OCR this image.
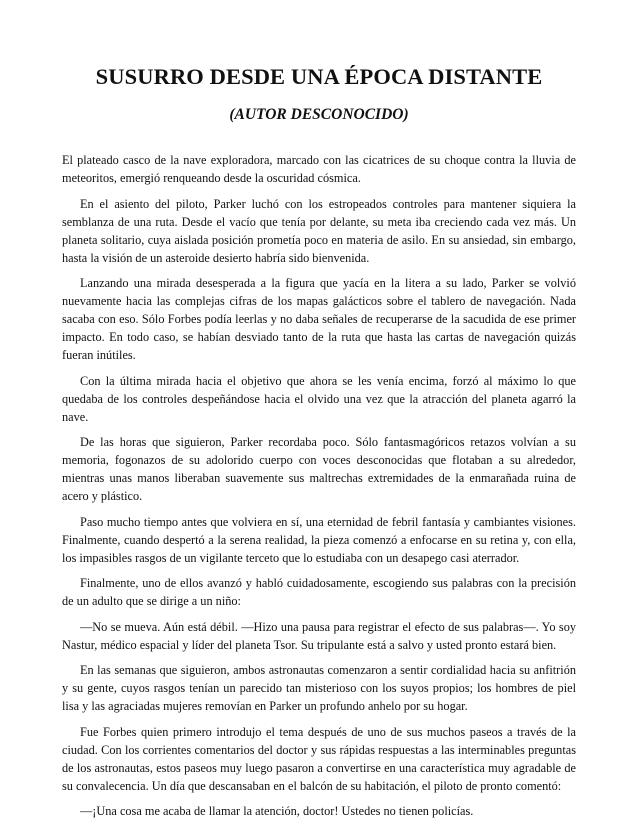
SUSURRO DESDE UNA ÉPOCA DISTANTE
(AUTOR DESCONOCIDO)

El plateado casco de la nave exploradora, marcado con las cicatrices de su choque contra la lluvia de meteoritos, emergió renqueando desde la oscuridad cósmica.

En el asiento del piloto, Parker luchó con los estropeados controles para mantener siquiera la semblanza de una ruta. Desde el vacío que tenía por delante, su meta iba creciendo cada vez más. Un planeta solitario, cuya aislada posición prometía poco en materia de asilo. En su ansiedad, sin embargo, hasta la visión de un asteroide desierto habría sido bienvenida.

Lanzando una mirada desesperada a la figura que yacía en la litera a su lado, Parker se volvió nuevamente hacia las complejas cifras de los mapas galácticos sobre el tablero de navegación. Nada sacaba con eso. Sólo Forbes podía leerlas y no daba señales de recuperarse de la sacudida de ese primer impacto. En todo caso, se habían desviado tanto de la ruta que hasta las cartas de navegación quizás fueran inútiles.

Con la última mirada hacia el objetivo que ahora se les venía encima, forzó al máximo lo que quedaba de los controles despeñándose hacia el olvido una vez que la atracción del planeta agarró la nave.

De las horas que siguieron, Parker recordaba poco. Sólo fantasmagóricos retazos volvían a su memoria, fogonazos de su adolorido cuerpo con voces desconocidas que flotaban a su alrededor, mientras unas manos liberaban suavemente sus maltrechas extremidades de la enmarañada ruina de acero y plástico.

Paso mucho tiempo antes que volviera en sí, una eternidad de febril fantasía y cambiantes visiones. Finalmente, cuando despertó a la serena realidad, la pieza comenzó a enfocarse en su retina y, con ella, los impasibles rasgos de un vigilante terceto que lo estudiaba con un desapego casi aterrador.

Finalmente, uno de ellos avanzó y habló cuidadosamente, escogiendo sus palabras con la precisión de un adulto que se dirige a un niño:

—No se mueva. Aún está débil. —Hizo una pausa para registrar el efecto de sus palabras—. Yo soy Nastur, médico espacial y líder del planeta Tsor. Su tripulante está a salvo y usted pronto estará bien.

En las semanas que siguieron, ambos astronautas comenzaron a sentir cordialidad hacia su anfitrión y su gente, cuyos rasgos tenían un parecido tan misterioso con los suyos propios; los hombres de piel lisa y las agraciadas mujeres removían en Parker un profundo anhelo por su hogar.

Fue Forbes quien primero introdujo el tema después de uno de sus muchos paseos a través de la ciudad. Con los corrientes comentarios del doctor y sus rápidas respuestas a las interminables preguntas de los astronautas, estos paseos muy luego pasaron a convertirse en una característica muy agradable de su convalecencia. Un día que descansaban en el balcón de su habitación, el piloto de pronto comentó:

—¡Una cosa me acaba de llamar la atención, doctor! Ustedes no tienen policías.
